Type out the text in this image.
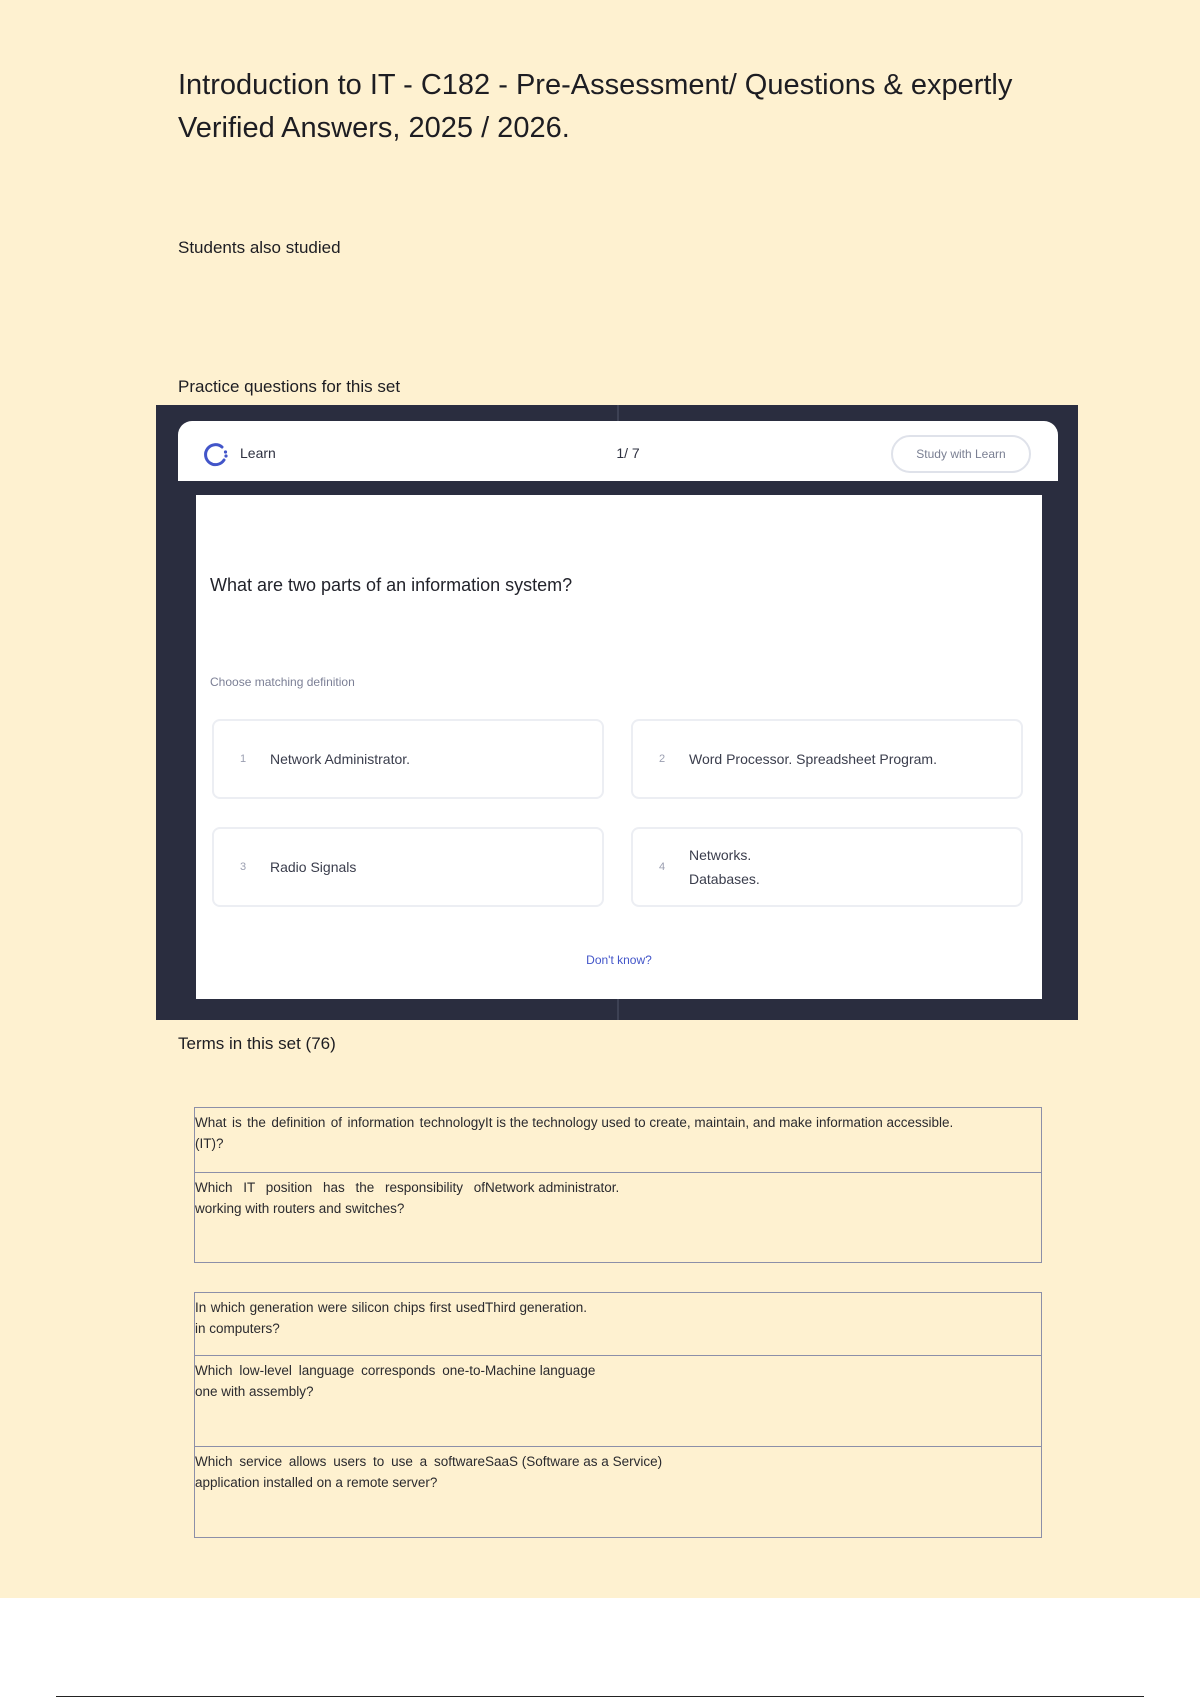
Introduction to IT - C182 - Pre-Assessment/ Questions & expertly Verified Answers, 2025 / 2026.

Students also studied

Practice questions for this set

Learn	1/ 7	Study with Learn
What are two parts of an information system?
Choose matching definition
1 Network Administrator.	2 Word Processor. Spreadsheet Program.
3 Radio Signals	4
Networks.
Databases.
Don't know?

Terms in this set (76)

What is the definition of information technology (IT)?	It is the technology used to create, maintain, and make information accessible.

Which IT position has the responsibility of working with routers and switches?	Network administrator.
In which generation were silicon chips first used in computers?	Third generation.
Which low-level language corresponds one-to-one with assembly?	Machine language
Which service allows users to use a software application installed on a remote server?	SaaS (Software as a Service)
